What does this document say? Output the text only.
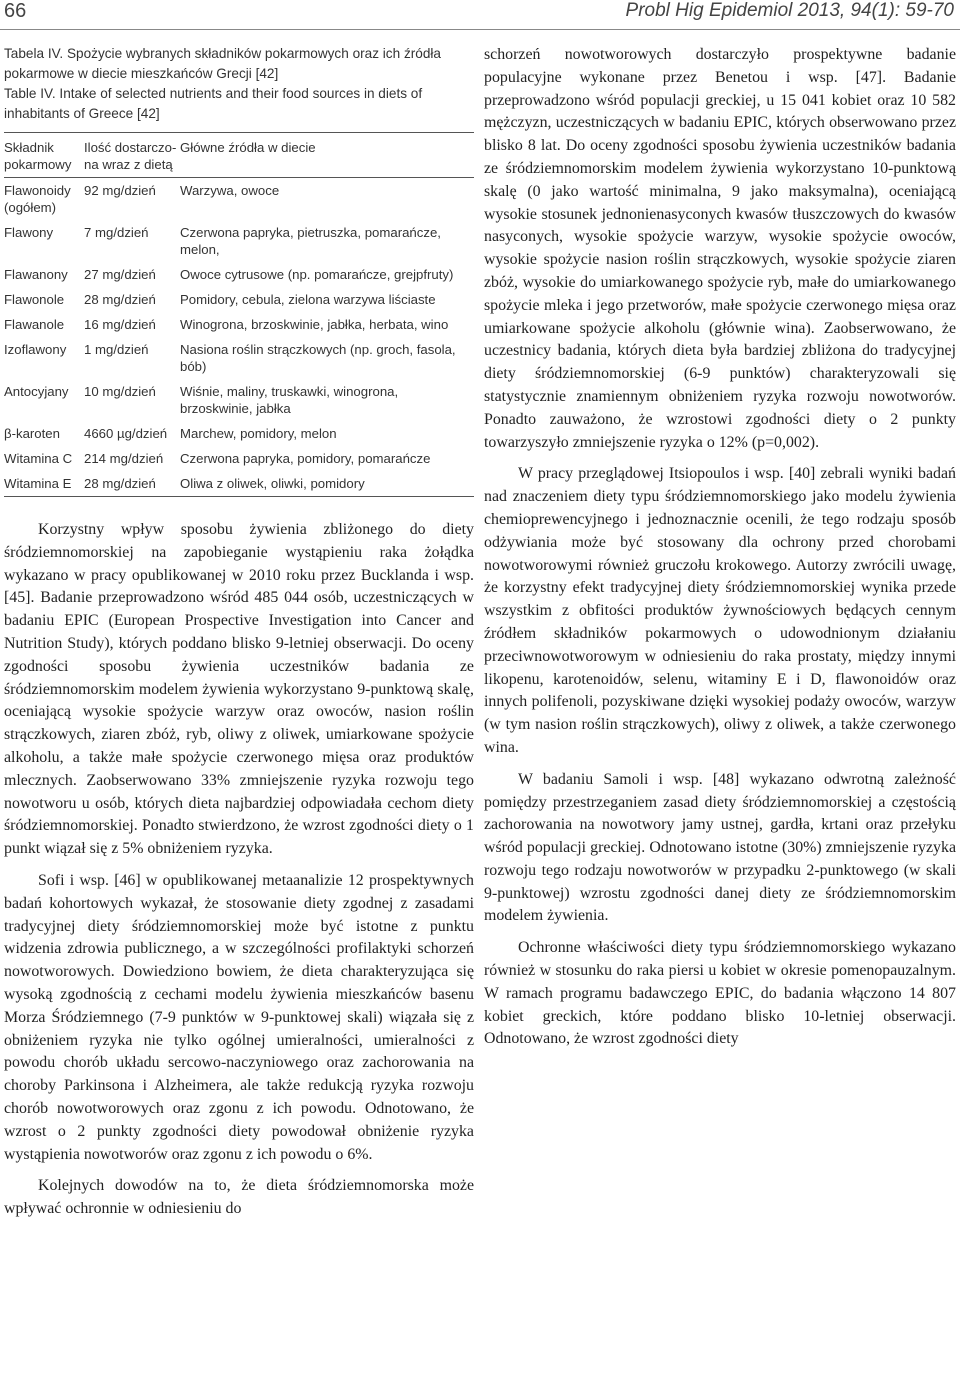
66	Probl Hig Epidemiol 2013, 94(1): 59-70

Tabela IV. Spożycie wybranych składników pokarmowych oraz ich źródła pokarmowe w diecie mieszkańców Grecji [42]

Table IV. Intake of selected nutrients and their food sources in diets of inhabitants of Greece [42]

Składnik pokarmowy	Ilość dostarczo-na wraz z dietą	Główne źródła w diecie
Flawonoidy (ogółem)	92 mg/dzień	Warzywa, owoce
Flawony	7 mg/dzień	Czerwona papryka, pietruszka, pomarańcze, melon,
Flawanony	27 mg/dzień	Owoce cytrusowe (np. pomarańcze, grejpfruty)
Flawonole	28 mg/dzień	Pomidory, cebula, zielona warzywa liściaste
Flawanole	16 mg/dzień	Winogrona, brzoskwinie, jabłka, herbata, wino
Izoflawony	1 mg/dzień	Nasiona roślin strączkowych (np. groch, fasola, bób)
Antocyjany	10 mg/dzień	Wiśnie, maliny, truskawki, winogrona, brzoskwinie, jabłka
β-karoten	4660 µg/dzień	Marchew, pomidory, melon
Witamina C	214 mg/dzień	Czerwona papryka, pomidory, pomarańcze
Witamina E	28 mg/dzień	Oliwa z oliwek, oliwki, pomidory

Korzystny wpływ sposobu żywienia zbliżonego do diety śródziemnomorskiej na zapobieganie wystąpieniu raka żołądka wykazano w pracy opublikowanej w 2010 roku przez Bucklanda i wsp. [45]. Badanie przeprowadzono wśród 485 044 osób, uczestniczących w badaniu EPIC (European Prospective Investigation into Cancer and Nutrition Study), których poddano blisko 9-letniej obserwacji. Do oceny zgodności sposobu żywienia uczestników badania ze śródziemnomorskim modelem żywienia wykorzystano 9-punktową skalę, oceniającą wysokie spożycie warzyw oraz owoców, nasion roślin strączkowych, ziaren zbóż, ryb, oliwy z oliwek, umiarkowane spożycie alkoholu, a także małe spożycie czerwonego mięsa oraz produktów mlecznych. Zaobserwowano 33% zmniejszenie ryzyka rozwoju tego nowotworu u osób, których dieta najbardziej odpowiadała cechom diety śródziemnomorskiej. Ponadto stwierdzono, że wzrost zgodności diety o 1 punkt wiązał się z 5% obniżeniem ryzyka.

Sofi i wsp. [46] w opublikowanej metaanalizie 12 prospektywnych badań kohortowych wykazał, że stosowanie diety zgodnej z zasadami tradycyjnej diety śródziemnomorskiej może być istotne z punktu widzenia zdrowia publicznego, a w szczególności profilaktyki schorzeń nowotworowych. Dowiedziono bowiem, że dieta charakteryzująca się wysoką zgodnością z cechami modelu żywienia mieszkańców basenu Morza Śródziemnego (7-9 punktów w 9-punktowej skali) wiązała się z obniżeniem ryzyka nie tylko ogólnej umieralności, umieralności z powodu chorób układu sercowo-naczyniowego oraz zachorowania na choroby Parkinsona i Alzheimera, ale także redukcją ryzyka rozwoju chorób nowotworowych oraz zgonu z ich powodu. Odnotowano, że wzrost o 2 punkty zgodności diety powodował obniżenie ryzyka wystąpienia nowotworów oraz zgonu z ich powodu o 6%.

Kolejnych dowodów na to, że dieta śródziemnomorska może wpływać ochronnie w odniesieniu do

schorzeń nowotworowych dostarczyło prospektywne badanie populacyjne wykonane przez Benetou i wsp. [47]. Badanie przeprowadzono wśród populacji greckiej, u 15 041 kobiet oraz 10 582 mężczyzn, uczestniczących w badaniu EPIC, których obserwowano przez blisko 8 lat. Do oceny zgodności sposobu żywienia uczestników badania ze śródziemnomorskim modelem żywienia wykorzystano 10-punktową skalę (0 jako wartość minimalna, 9 jako maksymalna), oceniającą wysokie stosunek jednonienasyconych kwasów tłuszczowych do kwasów nasyconych, wysokie spożycie warzyw, wysokie spożycie owoców, wysokie spożycie nasion roślin strączkowych, wysokie spożycie ziaren zbóż, wysokie do umiarkowanego spożycie ryb, małe do umiarkowanego spożycie mleka i jego przetworów, małe spożycie czerwonego mięsa oraz umiarkowane spożycie alkoholu (głównie wina). Zaobserwowano, że uczestnicy badania, których dieta była bardziej zbliżona do tradycyjnej diety śródziemnomorskiej (6-9 punktów) charakteryzowali się statystycznie znamiennym obniżeniem ryzyka rozwoju nowotworów. Ponadto zauważono, że wzrostowi zgodności diety o 2 punkty towarzyszyło zmniejszenie ryzyka o 12% (p=0,002).

W pracy przeglądowej Itsiopoulos i wsp. [40] zebrali wyniki badań nad znaczeniem diety typu śródziemnomorskiego jako modelu żywienia chemioprewencyjnego i jednoznacznie ocenili, że tego rodzaju sposób odżywiania może być stosowany dla ochrony przed chorobami nowotworowymi również gruczołu krokowego. Autorzy zwrócili uwagę, że korzystny efekt tradycyjnej diety śródziemnomorskiej wynika przede wszystkim z obfitości produktów żywnościowych będących cennym źródłem składników pokarmowych o udowodnionym działaniu przeciwnowotworowym w odniesieniu do raka prostaty, między innymi likopenu, karotenoidów, selenu, witaminy E i D, flawonoidów oraz innych polifenoli, pozyskiwane dzięki wysokiej podaży owoców, warzyw (w tym nasion roślin strączkowych), oliwy z oliwek, a także czerwonego wina.

W badaniu Samoli i wsp. [48] wykazano odwrotną zależność pomiędzy przestrzeganiem zasad diety śródziemnomorskiej a częstością zachorowania na nowotwory jamy ustnej, gardła, krtani oraz przełyku wśród populacji greckiej. Odnotowano istotne (30%) zmniejszenie ryzyka rozwoju tego rodzaju nowotworów w przypadku 2-punktowego (w skali 9-punktowej) wzrostu zgodności danej diety ze śródziemnomorskim modelem żywienia.

Ochronne właściwości diety typu śródziemnomorskiego wykazano również w stosunku do raka piersi u kobiet w okresie pomenopauzalnym. W ramach programu badawczego EPIC, do badania włączono 14 807 kobiet greckich, które poddano blisko 10-letniej obserwacji. Odnotowano, że wzrost zgodności diety
